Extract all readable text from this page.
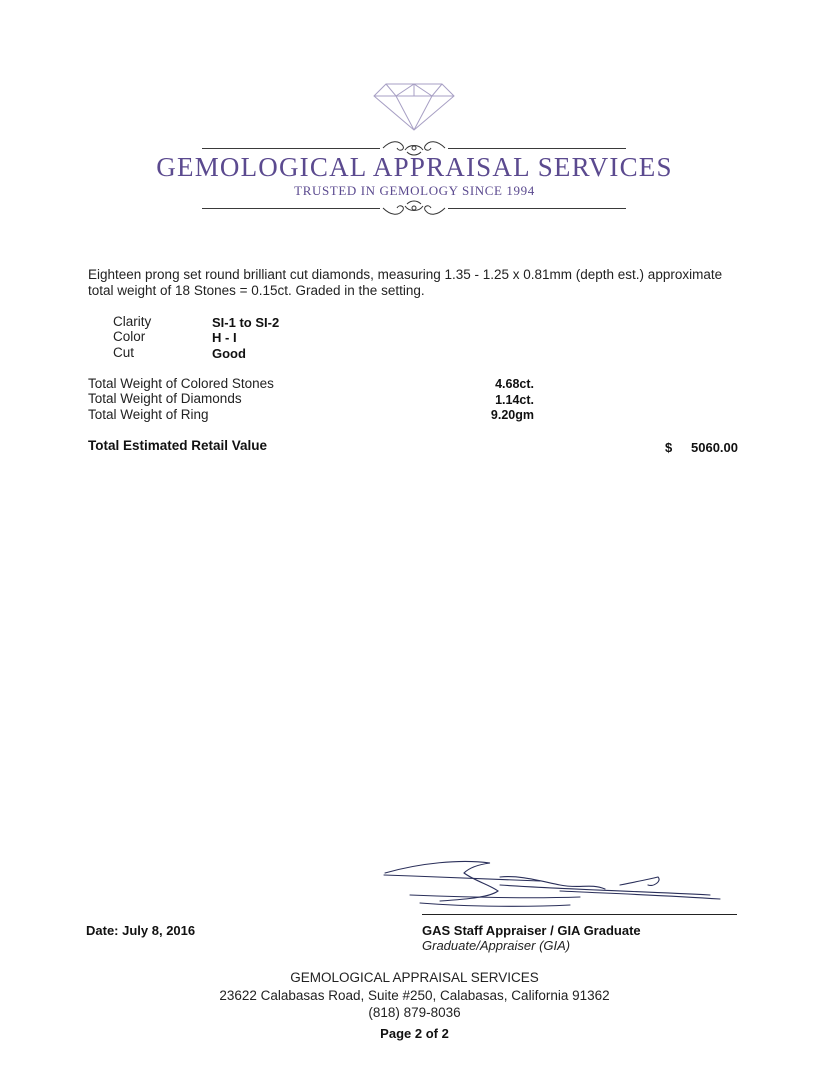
GEMOLOGICAL APPRAISAL SERVICES
TRUSTED IN GEMOLOGY SINCE 1994
Eighteen prong set round brilliant cut diamonds, measuring 1.35 - 1.25 x 0.81mm (depth est.) approximate
total weight of 18 Stones = 0.15ct. Graded in the setting.
Clarity	SI-1 to SI-2
Color	H - I
Cut	Good
Total Weight of Colored Stones	4.68ct.
Total Weight of Diamonds	1.14ct.
Total Weight of Ring	9.20gm
Total Estimated Retail Value	$	5060.00
Date: July 8, 2016	GAS Staff Appraiser / GIA Graduate
Graduate/Appraiser (GIA)
GEMOLOGICAL APPRAISAL SERVICES
23622 Calabasas Road, Suite #250, Calabasas, California 91362
(818) 879-8036
Page 2 of 2
